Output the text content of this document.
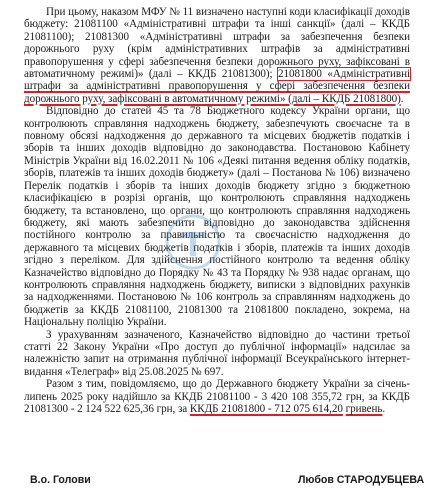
При цьому, наказом МФУ № 11 визначено наступні коди класифікації доходів бюджету: 21081100 «Адміністративні штрафи та інші санкції» (далі – ККДБ 21081100); 21081300 «Адміністративні штрафи за забезпечення безпеки дорожнього руху (крім адміністративних штрафів за адміністративні правопорушення у сфері забезпечення безпеки дорожнього руху, зафіксовані в автоматичному режимі)» (далі – ККДБ 21081300); 21081800 «Адміністративні штрафи за адміністративні правопорушення у сфері забезпечення безпеки дорожнього руху, зафіксовані в автоматичному режимі» (далі – ККДБ 21081800).

Відповідно до статей 45 та 78 Бюджетного кодексу України органи, що контролюють справляння надходжень бюджету, забезпечують своєчасне та в повному обсязі надходження до державного та місцевих бюджетів податків і зборів та інших доходів відповідно до законодавства. Постановою Кабінету Міністрів України від 16.02.2011 № 106 «Деякі питання ведення обліку податків, зборів, платежів та інших доходів бюджету» (далі – Постанова № 106) визначено Перелік податків і зборів та інших доходів бюджету згідно з бюджетною класифікацією в розрізі органів, що контролюють справляння надходжень бюджету, та встановлено, що органи, що контролюють справляння надходжень бюджету, які мають забезпечити відповідно до законодавства здійснення постійного контролю за правильністю та своєчасністю надходження до державного та місцевих бюджетів податків і зборів, платежів та інших доходів згідно з переліком. Для здійснення постійного контролю та ведення обліку Казначейство відповідно до Порядку № 43 та Порядку № 938 надає органам, що контролюють справляння надходжень бюджету, виписки з відповідних рахунків за надходженнями. Постановою № 106 контроль за справлянням надходжень до бюджетів за ККДБ 21081100, 21081300 та 21081800 покладено, зокрема, на Національну поліцію України.

З урахуванням зазначеного, Казначейство відповідно до частини третьої статті 22 Закону України «Про доступ до публічної інформації» надсилає за належністю запит на отримання публічної інформації Всеукраїнського інтернет-видання «Телеграф» від 25.08.2025 № 697.

Разом з тим, повідомляємо, що до Державного бюджету України за січень-липень 2025 року надійшло за ККДБ 21081100 - 3 420 108 355,72 грн, за ККДБ 21081300 - 2 124 522 625,36 грн, за ККДБ 21081800 - 712 075 614,20 гривень.

В.о. Голови	Любов СТАРОДУБЦЕВА
